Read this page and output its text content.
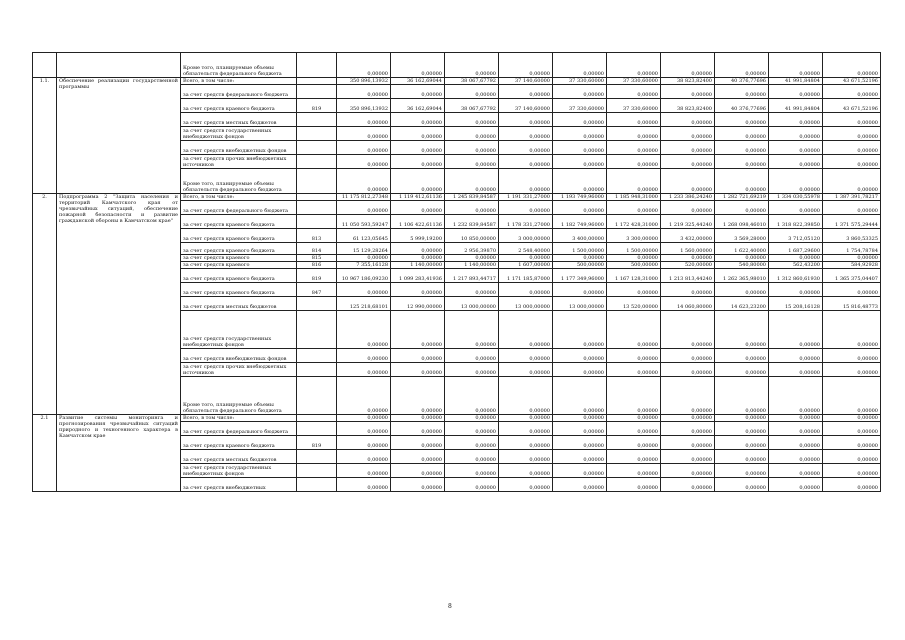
		Кроме того, планируемые объемы обязательств федерального бюджета		0,00000	0,00000	0,00000	0,00000	0,00000	0,00000	0,00000	0,00000	0,00000	0,00000
1.1.	Обеспечение реализации государственной программы	Всего, в том числе:		350 896,13932	36 162,69044	38 067,67792	37 140,60000	37 330,60000	37 330,60000	38 823,82400	40 376,77696	41 991,84804	43 671,52196
		за счет средств федерального бюджета		0,00000	0,00000	0,00000	0,00000	0,00000	0,00000	0,00000	0,00000	0,00000	0,00000
		за счет средств краевого бюджета	819	350 896,13932	36 162,69044	38 067,67792	37 140,60000	37 330,60000	37 330,60000	38 823,82400	40 376,77696	41 991,84804	43 671,52196
		за счет средств местных бюджетов		0,00000	0,00000	0,00000	0,00000	0,00000	0,00000	0,00000	0,00000	0,00000	0,00000
		за счет средств государственных внебюджетных фондов		0,00000	0,00000	0,00000	0,00000	0,00000	0,00000	0,00000	0,00000	0,00000	0,00000
		за счет средств внебюджетных фондов		0,00000	0,00000	0,00000	0,00000	0,00000	0,00000	0,00000	0,00000	0,00000	0,00000
		за счет средств прочих внебюджетных источников		0,00000	0,00000	0,00000	0,00000	0,00000	0,00000	0,00000	0,00000	0,00000	0,00000
		Кроме того, планируемые объемы обязательств федерального бюджета		0,00000	0,00000	0,00000	0,00000	0,00000	0,00000	0,00000	0,00000	0,00000	0,00000
2.	Подпрограмма 2 "Защита населения и территорий Камчатского края от чрезвычайных ситуаций, обеспечение пожарной безопасности и развитие гражданской обороны в Камчатском крае"	Всего, в том числе:		11 175 812,27348	1 119 412,61136	1 245 839,84587	1 191 331,27000	1 193 749,96000	1 185 948,31000	1 233 386,24240	1 282 721,69219	1 334 030,55978	1 387 391,78217
		за счет средств федерального бюджета		0,00000	0,00000	0,00000	0,00000	0,00000	0,00000	0,00000	0,00000	0,00000	0,00000
		за счет средств краевого бюджета		11 050 593,59247	1 106 422,61136	1 232 839,84587	1 178 331,27000	1 182 749,96000	1 172 428,31000	1 219 325,44240	1 268 098,46010	1 318 822,39850	1 371 575,29444
		за счет средств краевого бюджета	813	61 123,05645	5 999,19200	10 850,00000	3 000,00000	3 400,00000	3 300,00000	3 432,00000	3 569,28000	3 712,05120	3 860,53325
		за счет средств краевого бюджета	814	15 129,28264	0,00000	2 956,39870	2 548,40000	1 500,00000	1 500,00000	1 560,00000	1 622,40000	1 687,29600	1 754,78784
		за счет средств краевого	815	0,00000	0,00000	0,00000	0,00000	0,00000	0,00000	0,00000	0,00000	0,00000	0,00000
		за счет средств краевого	816	7 355,16128	1 140,00000	1 140,00000	1 607,00000	500,00000	500,00000	520,00000	540,80000	562,43200	584,92928
		за счет средств краевого бюджета	819	10 967 186,09230	1 099 283,41936	1 217 893,44717	1 171 185,87000	1 177 349,96000	1 167 128,31000	1 213 813,44240	1 262 365,98010	1 312 860,61930	1 365 375,04407
		за счет средств краевого бюджета	847	0,00000	0,00000	0,00000	0,00000	0,00000	0,00000	0,00000	0,00000	0,00000	0,00000
		за счет средств местных бюджетов		125 218,68101	12 990,00000	13 000,00000	13 000,00000	13 000,00000	13 520,00000	14 060,80000	14 623,23200	15 208,16128	15 816,48773
		за счет средств государственных внебюджетных фондов		0,00000	0,00000	0,00000	0,00000	0,00000	0,00000	0,00000	0,00000	0,00000	0,00000
		за счет средств внебюджетных фондов		0,00000	0,00000	0,00000	0,00000	0,00000	0,00000	0,00000	0,00000	0,00000	0,00000
		за счет средств прочих внебюджетных источников		0,00000	0,00000	0,00000	0,00000	0,00000	0,00000	0,00000	0,00000	0,00000	0,00000
		Кроме того, планируемые объемы обязательств федерального бюджета		0,00000	0,00000	0,00000	0,00000	0,00000	0,00000	0,00000	0,00000	0,00000	0,00000
2.1	Развитие системы мониторинга и прогнозирования чрезвычайных ситуаций природного и техногенного характера в Камчатском крае	Всего, в том числе:		0,00000	0,00000	0,00000	0,00000	0,00000	0,00000	0,00000	0,00000	0,00000	0,00000
		за счет средств федерального бюджета		0,00000	0,00000	0,00000	0,00000	0,00000	0,00000	0,00000	0,00000	0,00000	0,00000
		за счет средств краевого бюджета	819	0,00000	0,00000	0,00000	0,00000	0,00000	0,00000	0,00000	0,00000	0,00000	0,00000
		за счет средств местных бюджетов		0,00000	0,00000	0,00000	0,00000	0,00000	0,00000	0,00000	0,00000	0,00000	0,00000
		за счет средств государственных внебюджетных фондов		0,00000	0,00000	0,00000	0,00000	0,00000	0,00000	0,00000	0,00000	0,00000	0,00000
		за счет средств внебюджетных		0,00000	0,00000	0,00000	0,00000	0,00000	0,00000	0,00000	0,00000	0,00000	0,00000
8
